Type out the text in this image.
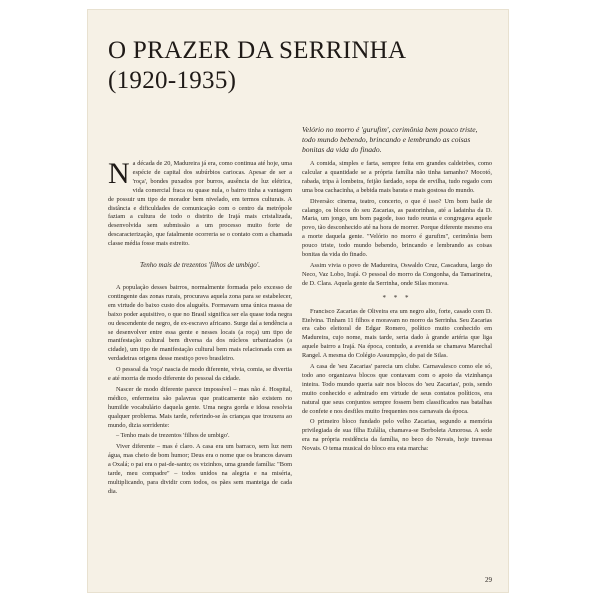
O PRAZER DA SERRINHA
(1920-1935)

Velório no morro é 'gurufim', cerimônia bem pouco triste, todo mundo bebendo, brincando e lembrando as coisas bonitas da vida do finado.

Na década de 20, Madureira já era, como continua até hoje, uma espécie de capital dos subúrbios cariocas. Apesar de ser a 'roça', bondes puxados por burros, ausência de luz elétrica, vida comercial fraca ou quase nula, o bairro tinha a vantagem de possuir um tipo de morador bem nivelado, em termos culturais. A distância e dificuldades de comunicação com o centro da metrópole faziam a cultura de todo o distrito de Irajá mais cristalizada, desenvolvida sem submissão a um processo muito forte de descaracterização, que fatalmente ocorreria se o contato com a chamada classe média fosse mais estreito.

Tenho mais de trezentos 'filhos de umbigo'.

A população desses bairros, normalmente formada pelo excesso de contingente das zonas rurais, procurava aquela zona para se estabelecer, em virtude do baixo custo dos aluguéis. Formavam uma única massa de baixo poder aquisitivo, o que no Brasil significa ser ela quase toda negra ou descendente de negro, de ex-escravo africano. Surge daí a tendência a se desenvolver entre essa gente e nesses locais (a roça) um tipo de manifestação cultural bem diversa da dos núcleos urbanizados (a cidade), um tipo de manifestação cultural bem mais relacionada com as verdadeiras origens desse mestiço povo brasileiro.

O pessoal da 'roça' nascia de modo diferente, vivia, comia, se divertia e até morria de modo diferente do pessoal da cidade.

Nascer de modo diferente parece impossível – mas não é. Hospital, médico, enfermeira são palavras que praticamente não existem no humilde vocabulário daquela gente. Uma negra gorda e idosa resolvia qualquer problema. Mais tarde, referindo-se às crianças que trouxera ao mundo, dizia sorridente:

– Tenho mais de trezentos 'filhos de umbigo'.

Viver diferente – mas é claro. A casa era um barraco, sem luz nem água, mas cheio de bom humor; Deus era o nome que os brancos davam a Oxalá; o pai era o pai-de-santo; os vizinhos, uma grande família: "Bom tarde, meu compadre" – todos unidos na alegria e na miséria, multiplicando, para dividir com todos, os pães sem manteiga de cada dia.

A comida, simples e farta, sempre feita em grandes caldeirões, como calcular a quantidade se a própria família não tinha tamanho? Mocotó, rabada, tripa à lombeira, feijão fardado, sopa de ervilha, tudo regado com uma boa cachacinha, a bebida mais barata e mais gostosa do mundo.

Diversão: cinema, teatro, concerto, o que é isso? Um bom baile de calango, os blocos do seu Zacarias, as pastorinhas, até a ladainha da D. Maria, um jongo, um bom pagode, isso tudo reunia e congregava aquele povo, tão desconhecido até na hora de morrer. Porque diferente mesmo era a morte daquela gente. "Velório no morro é gurufim", cerimônia bem pouco triste, todo mundo bebendo, brincando e lembrando as coisas bonitas da vida do finado.

Assim vivia o povo de Madureira, Oswaldo Cruz, Cascadura, largo do Neco, Vaz Lobo, Irajá. O pessoal do morro da Congonha, da Tamarineira, de D. Clara. Aquela gente da Serrinha, onde Silas morava.

* * *

Francisco Zacarias de Oliveira era um negro alto, forte, casado com D. Etelvina. Tinham 11 filhos e moravam no morro da Serrinha. Seu Zacarias era cabo eleitoral de Edgar Romero, político muito conhecido em Madureira, cujo nome, mais tarde, seria dado à grande artéria que liga aquele bairro a Irajá. Na época, contudo, a avenida se chamava Marechal Rangel. A mesma do Colégio Assumpção, do pai de Silas.

A casa de 'seu Zacarias' parecia um clube. Carnavalesco como ele só, todo ano organizava blocos que contavam com o apoio da vizinhança inteira. Todo mundo queria sair nos blocos do 'seu Zacarias', pois, sendo muito conhecido e admirado em virtude de seus contatos políticos, era natural que seus conjuntos sempre fossem bem classificados nas batalhas de confete e nos desfiles muito frequentes nos carnavais da época.

O primeiro bloco fundado pelo velho Zacarias, segundo a memória privilegiada de sua filha Eulália, chamava-se Borboleta Amorosa. A sede era na própria residência da família, no beco do Novais, hoje travessa Novais. O tema musical do bloco era esta marcha:

29
